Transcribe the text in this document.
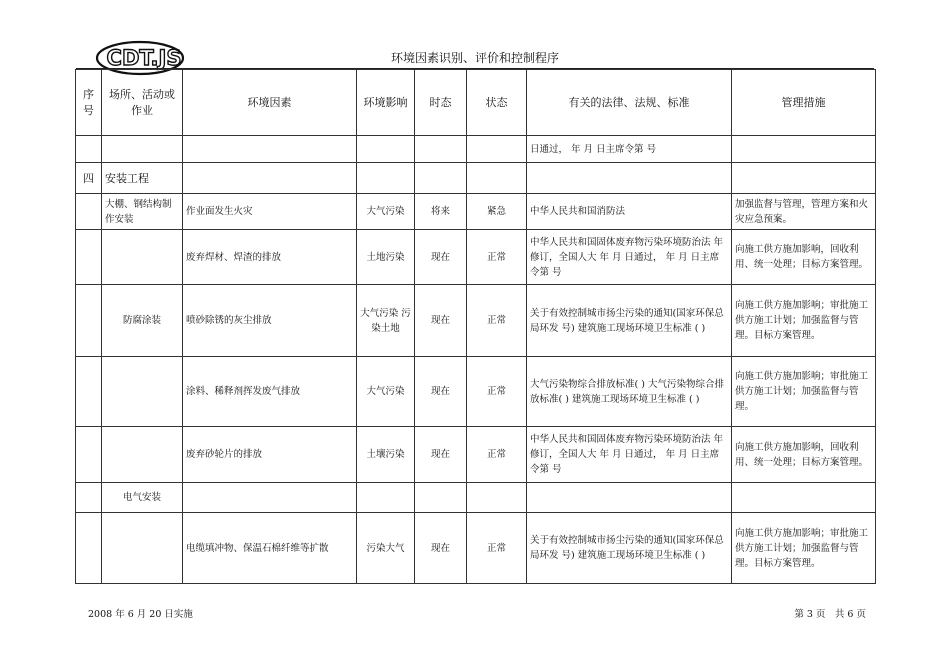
CDT.JS	环境因素识别、评价和控制程序
序号	场所、活动或作业	环境因素	环境影响	时态	状态	有关的法律、法规、标准	管理措施
						日通过， 年 月 日主席令第 号	
四	安装工程						
	大棚、钢结构制作安装	作业面发生火灾	大气污染	将来	紧急	中华人民共和国消防法	加强监督与管理，管理方案和火灾应急预案。
		废弃焊材、焊渣的排放	土地污染	现在	正常	中华人民共和国固体废弃物污染环境防治法 年修订，全国人大 年 月 日通过， 年 月 日主席令第 号	向施工供方施加影响，回收利用、统一处理；目标方案管理。
	防腐涂装	喷砂除锈的灰尘排放	大气污染 污染土地	现在	正常	关于有效控制城市扬尘污染的通知(国家环保总局环发 号) 建筑施工现场环境卫生标准 ( )	向施工供方施加影响；审批施工供方施工计划；加强监督与管理。目标方案管理。
		涂料、稀释剂挥发废气排放	大气污染	现在	正常	大气污染物综合排放标准( ) 大气污染物综合排放标准( ) 建筑施工现场环境卫生标准 ( )	向施工供方施加影响；审批施工供方施工计划；加强监督与管理。
		废弃砂轮片的排放	土壤污染	现在	正常	中华人民共和国固体废弃物污染环境防治法 年修订，全国人大 年 月 日通过， 年 月 日主席令第 号	向施工供方施加影响，回收利用、统一处理；目标方案管理。
	电气安装						
		电缆填冲物、保温石棉纤维等扩散	污染大气	现在	正常	关于有效控制城市扬尘污染的通知(国家环保总局环发 号) 建筑施工现场环境卫生标准 ( )	向施工供方施加影响；审批施工供方施工计划；加强监督与管理。目标方案管理。
2008 年 6 月 20 日实施	第 3 页　共 6 页
